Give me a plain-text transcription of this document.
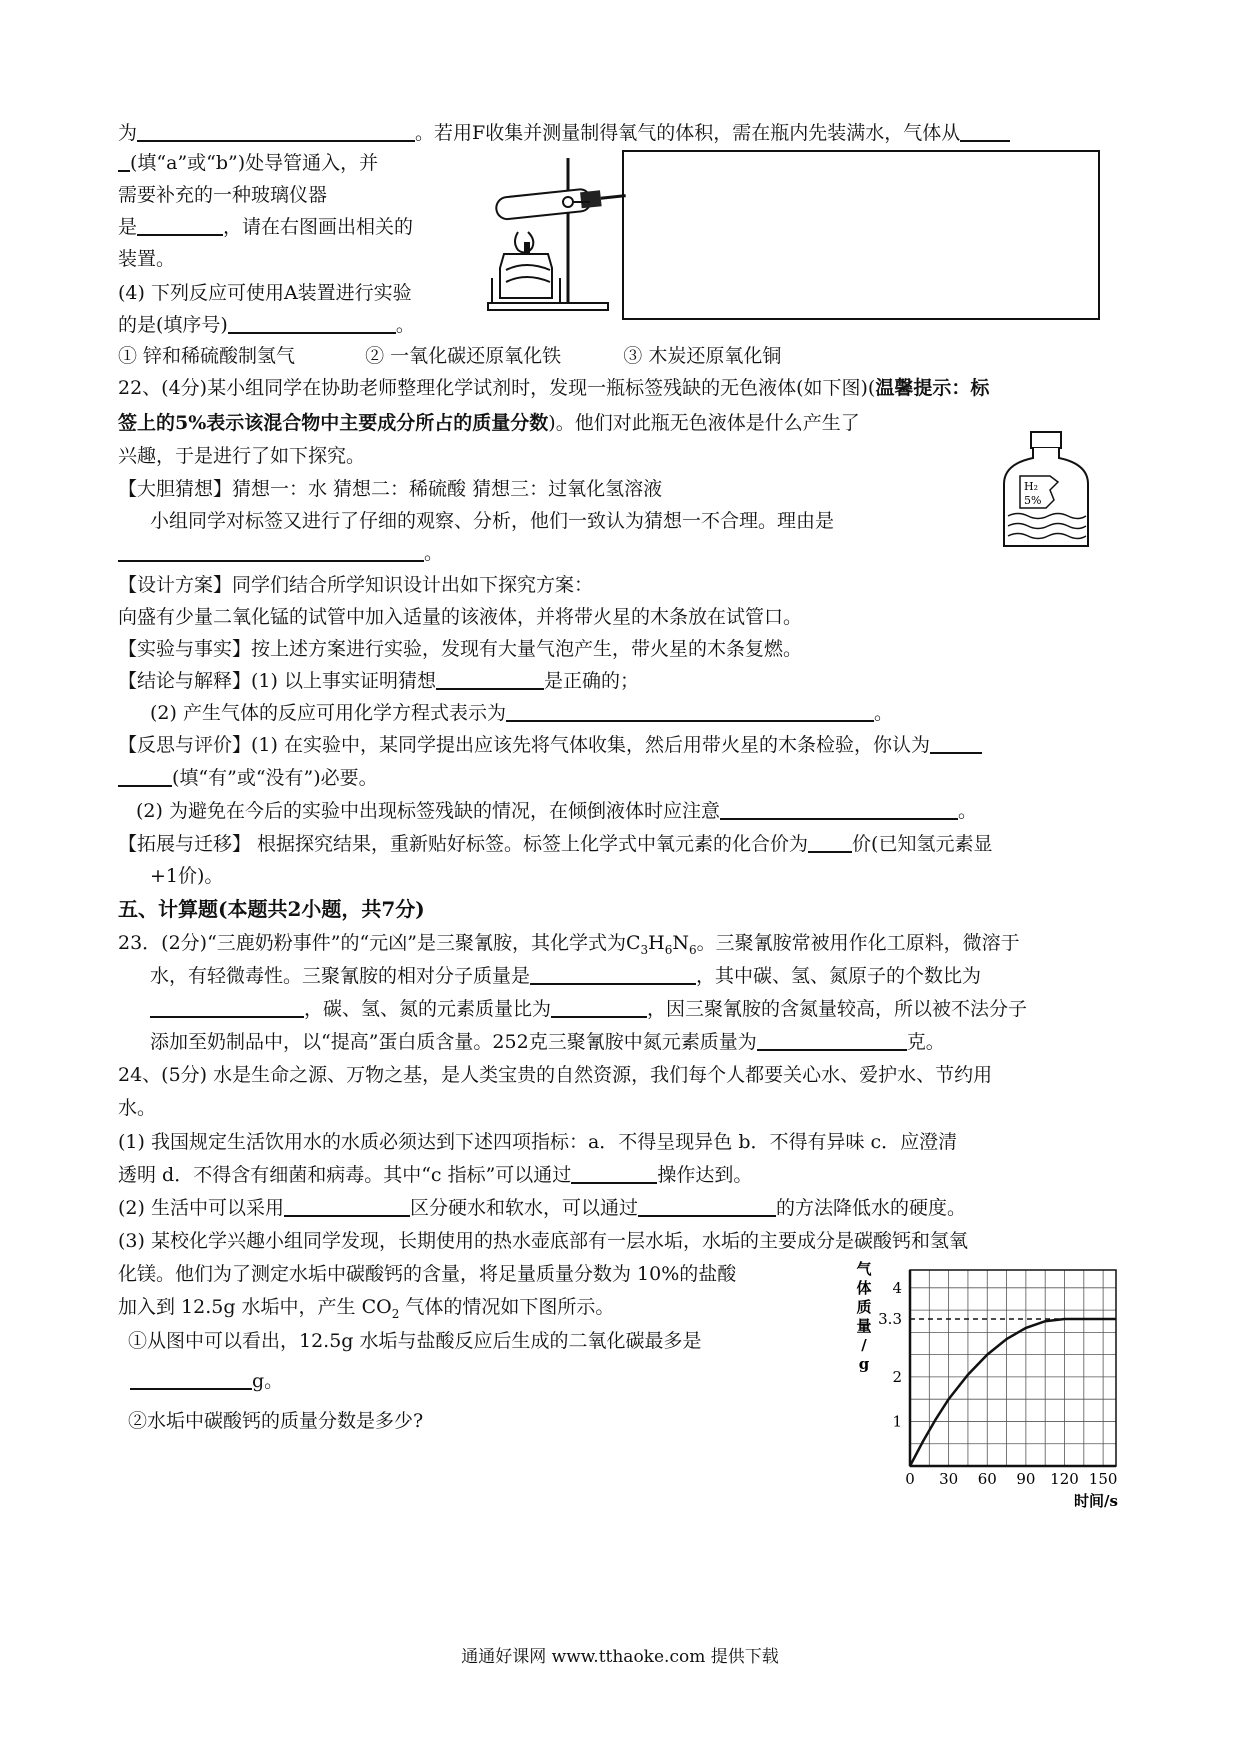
为	。若用F收集并测量制得氧气的体积，需在瓶内先装满水，气体从
(填“a”或“b”)处导管通入，并
需要补充的一种玻璃仪器
是	，请在右图画出相关的
装置。
(4) 下列反应可使用A装置进行实验
的是(填序号)	。
① 锌和稀硫酸制氢气	② 一氧化碳还原氧化铁	③ 木炭还原氧化铜
22、(4分)某小组同学在协助老师整理化学试剂时，发现一瓶标签残缺的无色液体(如下图)(温馨提示：标
签上的5%表示该混合物中主要成分所占的质量分数)。他们对此瓶无色液体是什么产生了
兴趣，于是进行了如下探究。
【大胆猜想】猜想一：水 猜想二：稀硫酸 猜想三：过氧化氢溶液
小组同学对标签又进行了仔细的观察、分析，他们一致认为猜想一不合理。理由是
。
H₂
5%
【设计方案】同学们结合所学知识设计出如下探究方案：
向盛有少量二氧化锰的试管中加入适量的该液体，并将带火星的木条放在试管口。
【实验与事实】按上述方案进行实验，发现有大量气泡产生，带火星的木条复燃。
【结论与解释】(1) 以上事实证明猜想	是正确的；
(2) 产生气体的反应可用化学方程式表示为	。
【反思与评价】(1) 在实验中，某同学提出应该先将气体收集，然后用带火星的木条检验，你认为
(填“有”或“没有”)必要。
(2) 为避免在今后的实验中出现标签残缺的情况，在倾倒液体时应注意	。
【拓展与迁移】 根据探究结果，重新贴好标签。标签上化学式中氧元素的化合价为 价(已知氢元素显
+1价)。
五、计算题(本题共2小题，共7分)
23．(2分)“三鹿奶粉事件”的“元凶”是三聚氰胺，其化学式为$C_3H_6N_6$。三聚氰胺常被用作化工原料，微溶于
水，有轻微毒性。三聚氰胺的相对分子质量是	，其中碳、氢、氮原子的个数比为
，碳、氢、氮的元素质量比为	，因三聚氰胺的含氮量较高，所以被不法分子
添加至奶制品中，以“提高”蛋白质含量。252克三聚氰胺中氮元素质量为	克。
24、(5分) 水是生命之源、万物之基，是人类宝贵的自然资源，我们每个人都要关心水、爱护水、节约用
水。
(1) 我国规定生活饮用水的水质必须达到下述四项指标：a．不得呈现异色 b．不得有异味 c．应澄清
透明 d．不得含有细菌和病毒。其中“c 指标”可以通过	操作达到。
(2) 生活中可以采用	区分硬水和软水，可以通过	的方法降低水的硬度。
(3) 某校化学兴趣小组同学发现，长期使用的热水壶底部有一层水垢，水垢的主要成分是碳酸钙和氢氧
化镁。他们为了测定水垢中碳酸钙的含量，将足量质量分数为 10%的盐酸
加入到 12.5g 水垢中，产生 $CO_2$ 气体的情况如下图所示。
①从图中可以看出，12.5g 水垢与盐酸反应后生成的二氧化碳最多是
g。
②水垢中碳酸钙的质量分数是多少?
气
体
质
量
/
g
0 30 60 90 120 150
1
2
3.3
4
时间/s
通通好课网 www.tthaoke.com 提供下载
